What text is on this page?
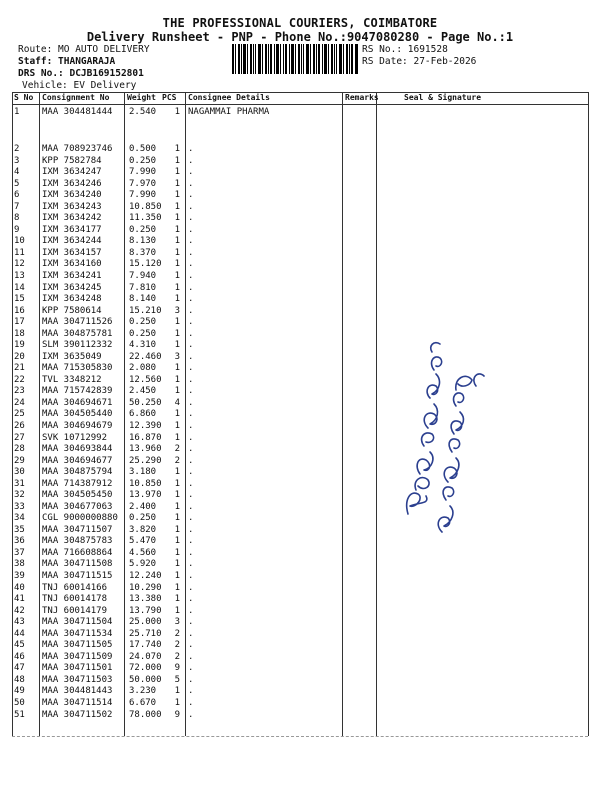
THE PROFESSIONAL COURIERS, COIMBATORE
Delivery Runsheet - PNP - Phone No.:9047080280 - Page No.:1
Route: MO AUTO DELIVERY
Staff: THANGARAJA
DRS No.: DCJB169152801
Vehicle: EV Delivery
RS No.: 1691528
RS Date: 27-Feb-2026
S No Consignment No Weight PCS Consignee Details	Remarks	Seal & Signature
1	MAA 304481444 2.540	1 NAGAMMAI PHARMA
2	MAA 708923746 0.500	1 .
3	KPP 7582784	0.250	1 .
4	IXM 3634247	7.990	1 .
5	IXM 3634246	7.970	1 .
6	IXM 3634240	7.990	1 .
7	IXM 3634243	10.850	1 .
8	IXM 3634242	11.350	1 .
9	IXM 3634177	0.250	1 .
10 IXM 3634244	8.130	1 .
11 IXM 3634157	8.370	1 .
12 IXM 3634160	15.120	1 .
13 IXM 3634241	7.940	1 .
14 IXM 3634245	7.810	1 .
15 IXM 3634248	8.140	1 .
16 KPP 7580614	15.210	3 .
17 MAA 304711526 0.250	1 .
18 MAA 304875781 0.250	1 .
19 SLM 390112332 4.310	1 .
20 IXM 3635049	22.460	3 .
21 MAA 715305830 2.080	1 .
22 TVL 3348212	12.560	1 .
23 MAA 715742839 2.450	1 .
24 MAA 304694671 50.250	4 .
25 MAA 304505440 6.860	1 .
26 MAA 304694679 12.390	1 .
27 SVK 10712992 16.870	1 .
28 MAA 304693844 13.960	2 .
29 MAA 304694677 25.290	2 .
30 MAA 304875794 3.180	1 .
31 MAA 714387912 10.850	1 .
32 MAA 304505450 13.970	1 .
33 MAA 304677063 2.400	1 .
34 CGL 9000000880 0.250	1 .
35 MAA 304711507 3.820	1 .
36 MAA 304875783 5.470	1 .
37 MAA 716608864 4.560	1 .
38 MAA 304711508 5.920	1 .
39 MAA 304711515 12.240	1 .
40 TNJ 60014166 10.290	1 .
41 TNJ 60014178 13.380	1 .
42 TNJ 60014179 13.790	1 .
43 MAA 304711504 25.000	3 .
44 MAA 304711534 25.710	2 .
45 MAA 304711505 17.740	2 .
46 MAA 304711509 24.070	2 .
47 MAA 304711501 72.000	9 .
48 MAA 304711503 50.000	5 .
49 MAA 304481443 3.230	1 .
50 MAA 304711514 6.670	1 .
51 MAA 304711502 78.000	9 .
